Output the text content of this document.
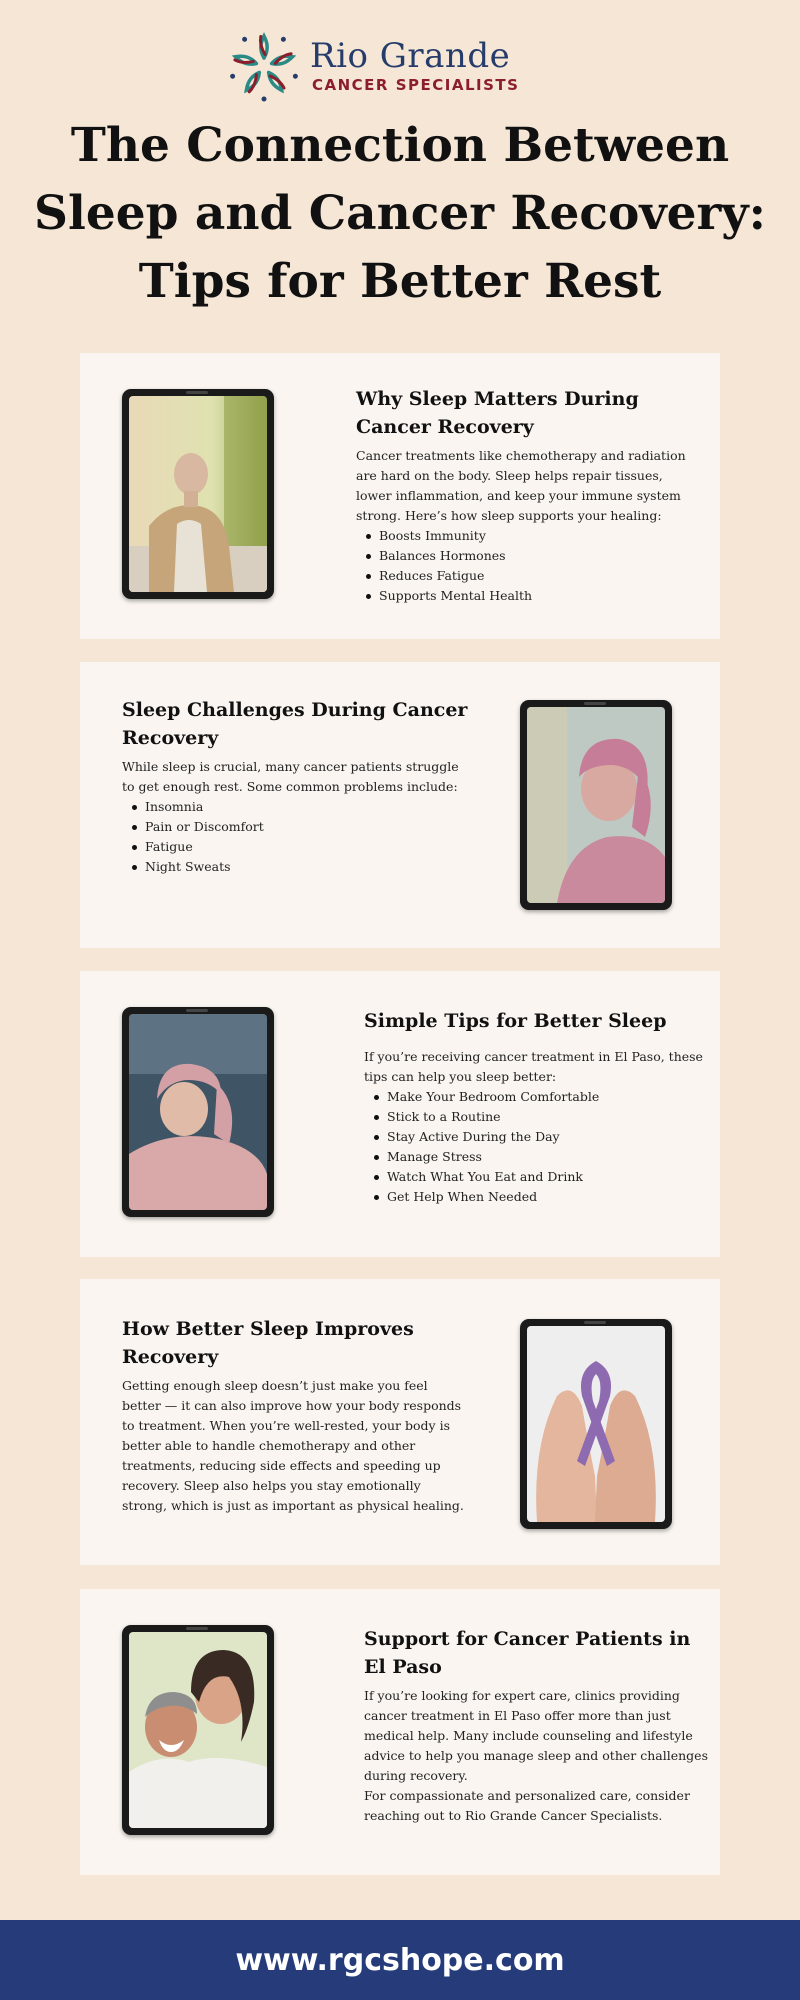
Rio Grande
CANCER SPECIALISTS
The Connection Between Sleep and Cancer Recovery: Tips for Better Rest
Why Sleep Matters During Cancer Recovery

Cancer treatments like chemotherapy and radiation are hard on the body. Sleep helps repair tissues, lower inflammation, and keep your immune system strong. Here’s how sleep supports your healing:

Boosts Immunity
Balances Hormones
Reduces Fatigue
Supports Mental Health
Sleep Challenges During Cancer Recovery

While sleep is crucial, many cancer patients struggle to get enough rest. Some common problems include:

Insomnia
Pain or Discomfort
Fatigue
Night Sweats
Simple Tips for Better Sleep

If you’re receiving cancer treatment in El Paso, these tips can help you sleep better:

Make Your Bedroom Comfortable
Stick to a Routine
Stay Active During the Day
Manage Stress
Watch What You Eat and Drink
Get Help When Needed
How Better Sleep Improves Recovery

Getting enough sleep doesn’t just make you feel better — it can also improve how your body responds to treatment. When you’re well-rested, your body is better able to handle chemotherapy and other treatments, reducing side effects and speeding up recovery. Sleep also helps you stay emotionally strong, which is just as important as physical healing.

Support for Cancer Patients in El Paso

If you’re looking for expert care, clinics providing cancer treatment in El Paso offer more than just medical help. Many include counseling and lifestyle advice to help you manage sleep and other challenges during recovery.

For compassionate and personalized care, consider reaching out to Rio Grande Cancer Specialists.

www.rgcshope.com
